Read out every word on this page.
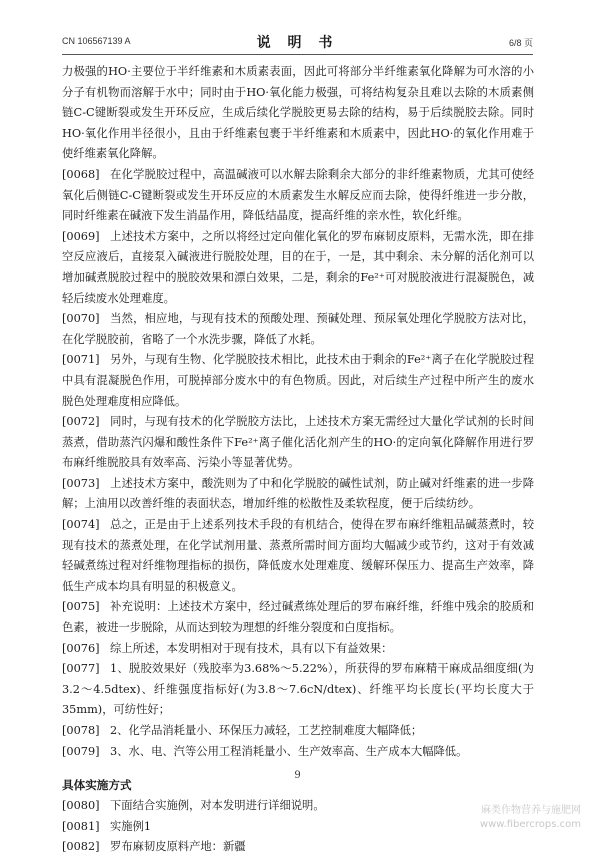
CN 106567139 A	说 明 书	6/8 页

力极强的HO·主要位于半纤维素和木质素表面，因此可将部分半纤维素氧化降解为可水溶的小分子有机物而溶解于水中；同时由于HO·氧化能力极强，可将结构复杂且难以去除的木质素侧链C-C键断裂或发生开环反应，生成后续化学脱胶更易去除的结构，易于后续脱胶去除。同时HO·氧化作用半径很小，且由于纤维素包裹于半纤维素和木质素中，因此HO·的氧化作用难于使纤维素氧化降解。

[0068] 在化学脱胶过程中，高温碱液可以水解去除剩余大部分的非纤维素物质，尤其可使经氧化后侧链C-C键断裂或发生开环反应的木质素发生水解反应而去除，使得纤维进一步分散，同时纤维素在碱液下发生消晶作用，降低结晶度，提高纤维的亲水性，软化纤维。

[0069] 上述技术方案中，之所以将经过定向催化氧化的罗布麻韧皮原料，无需水洗，即在排空反应液后，直接泵入碱液进行脱胶处理，目的在于，一是，其中剩余、未分解的活化剂可以增加碱煮脱胶过程中的脱胶效果和漂白效果，二是，剩余的Fe²⁺可对脱胶液进行混凝脱色，减轻后续废水处理难度。

[0070] 当然，相应地，与现有技术的预酸处理、预碱处理、预尿氧处理化学脱胶方法对比，在化学脱胶前，省略了一个水洗步骤，降低了水耗。

[0071] 另外，与现有生物、化学脱胶技术相比，此技术由于剩余的Fe²⁺离子在化学脱胶过程中具有混凝脱色作用，可脱掉部分废水中的有色物质。因此，对后续生产过程中所产生的废水脱色处理难度相应降低。

[0072] 同时，与现有技术的化学脱胶方法比，上述技术方案无需经过大量化学试剂的长时间蒸煮，借助蒸汽闪爆和酸性条件下Fe²⁺离子催化活化剂产生的HO·的定向氧化降解作用进行罗布麻纤维脱胶具有效率高、污染小等显著优势。

[0073] 上述技术方案中，酸洗则为了中和化学脱胶的碱性试剂，防止碱对纤维素的进一步降解；上油用以改善纤维的表面状态，增加纤维的松散性及柔软程度，便于后续纺纱。

[0074] 总之，正是由于上述系列技术手段的有机结合，使得在罗布麻纤维粗品碱蒸煮时，较现有技术的蒸煮处理，在化学试剂用量、蒸煮所需时间方面均大幅减少或节约，这对于有效减轻碱煮练过程对纤维物理指标的损伤，降低废水处理难度、缓解环保压力、提高生产效率，降低生产成本均具有明显的积极意义。

[0075] 补充说明：上述技术方案中，经过碱煮练处理后的罗布麻纤维，纤维中残余的胶质和色素，被进一步脱除，从而达到较为理想的纤维分裂度和白度指标。

[0076] 综上所述，本发明相对于现有技术，具有以下有益效果：

[0077] 1、脱胶效果好（残胶率为3.68%～5.22%），所获得的罗布麻精干麻成品细度细(为3.2～4.5dtex)、纤维强度指标好(为3.8～7.6cN/dtex)、纤维平均长度长(平均长度大于35mm)，可纺性好；

[0078] 2、化学品消耗量小、环保压力减轻，工艺控制难度大幅降低；

[0079] 3、水、电、汽等公用工程消耗量小、生产效率高、生产成本大幅降低。

具体实施方式

[0080] 下面结合实施例，对本发明进行详细说明。

[0081] 实施例1

[0082] 罗布麻韧皮原料产地：新疆

9
麻类作物营养与施肥网
www.fibercrops.com
